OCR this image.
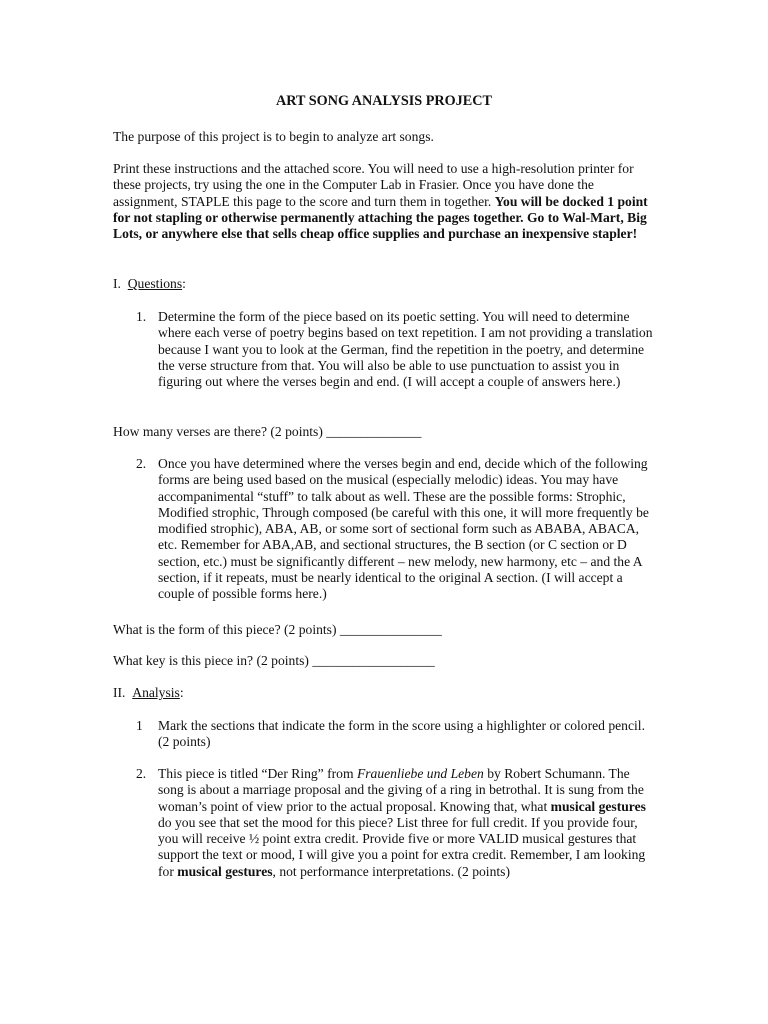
ART SONG ANALYSIS PROJECT

The purpose of this project is to begin to analyze art songs.

Print these instructions and the attached score. You will need to use a high-resolution printer for these projects, try using the one in the Computer Lab in Frasier. Once you have done the assignment, STAPLE this page to the score and turn them in together. You will be docked 1 point for not stapling or otherwise permanently attaching the pages together. Go to Wal-Mart, Big Lots, or anywhere else that sells cheap office supplies and purchase an inexpensive stapler!

I. Questions:
1. Determine the form of the piece based on its poetic setting. You will need to determine where each verse of poetry begins based on text repetition. I am not providing a translation because I want you to look at the German, find the repetition in the poetry, and determine the verse structure from that. You will also be able to use punctuation to assist you in figuring out where the verses begin and end. (I will accept a couple of answers here.)

How many verses are there? (2 points) ______________

2. Once you have determined where the verses begin and end, decide which of the following forms are being used based on the musical (especially melodic) ideas. You may have accompanimental “stuff” to talk about as well. These are the possible forms: Strophic, Modified strophic, Through composed (be careful with this one, it will more frequently be modified strophic), ABA, AB, or some sort of sectional form such as ABABA, ABACA, etc. Remember for ABA,AB, and sectional structures, the B section (or C section or D section, etc.) must be significantly different – new melody, new harmony, etc – and the A section, if it repeats, must be nearly identical to the original A section. (I will accept a couple of possible forms here.)

What is the form of this piece? (2 points) _______________

What key is this piece in? (2 points) __________________

II. Analysis:
1 Mark the sections that indicate the form in the score using a highlighter or colored pencil. (2 points)

2. This piece is titled “Der Ring” from Frauenliebe und Leben by Robert Schumann. The song is about a marriage proposal and the giving of a ring in betrothal. It is sung from the woman’s point of view prior to the actual proposal. Knowing that, what musical gestures do you see that set the mood for this piece? List three for full credit. If you provide four, you will receive ½ point extra credit. Provide five or more VALID musical gestures that support the text or mood, I will give you a point for extra credit. Remember, I am looking for musical gestures, not performance interpretations. (2 points)
